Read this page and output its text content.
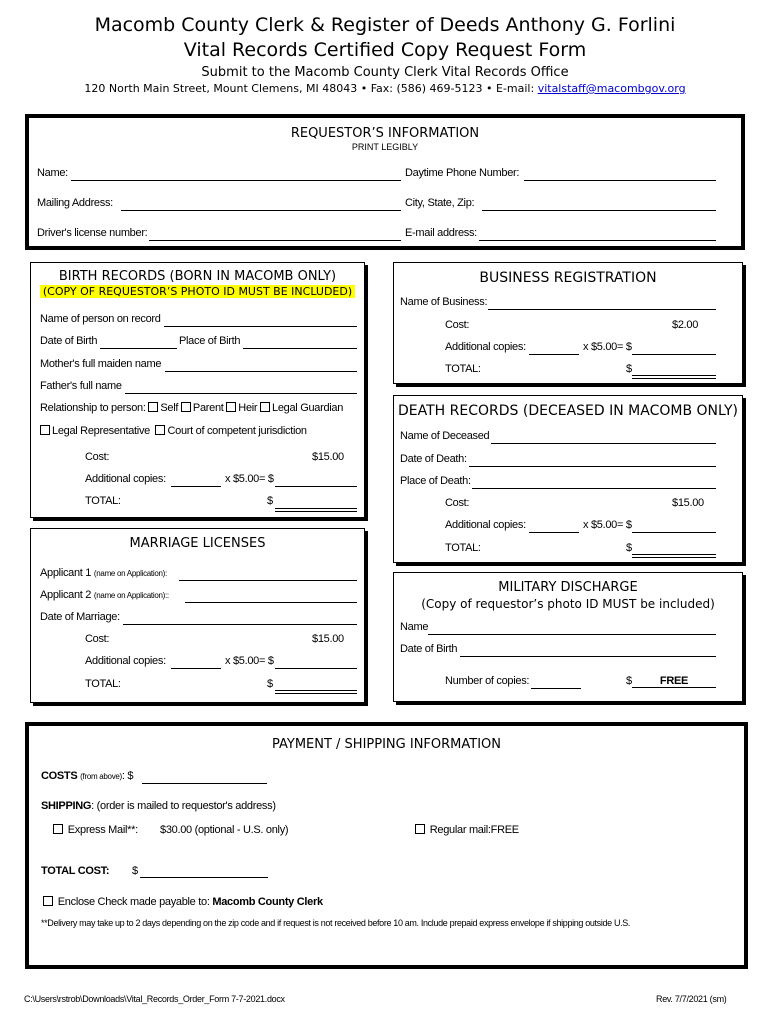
Macomb County Clerk & Register of Deeds Anthony G. Forlini
Vital Records Certified Copy Request Form
Submit to the Macomb County Clerk Vital Records Office
120 North Main Street, Mount Clemens, MI 48043 • Fax: (586) 469-5123 • E-mail: vitalstaff@macombgov.org
REQUESTOR’S INFORMATION
PRINT LEGIBLY
Name:	Daytime Phone Number:
Mailing Address:	City, State, Zip:
Driver's license number:	E-mail address:
BIRTH RECORDS (BORN IN MACOMB ONLY)
(COPY OF REQUESTOR’S PHOTO ID MUST BE INCLUDED)
Name of person on record
Date of Birth	Place of Birth
Mother's full maiden name
Father's full name
Relationship to person: Self Parent Heir Legal Guardian
Legal Representative Court of competent jurisdiction
Cost:	$15.00
Additional copies:	x $5.00= $
TOTAL:	$
MARRIAGE LICENSES
Applicant 1 (name on Application):
Applicant 2 (name on Application)::
Date of Marriage:
Cost:	$15.00
Additional copies:	x $5.00= $
TOTAL:	$
BUSINESS REGISTRATION
Name of Business:
Cost:	$2.00
Additional copies:	x $5.00= $
TOTAL:	$
DEATH RECORDS (DECEASED IN MACOMB ONLY)
Name of Deceased
Date of Death:
Place of Death:
Cost:	$15.00
Additional copies:	x $5.00= $
TOTAL:	$
MILITARY DISCHARGE
(Copy of requestor’s photo ID MUST be included)
Name
Date of Birth
Number of copies:	$	FREE
PAYMENT / SHIPPING INFORMATION
COSTS (from above): $
SHIPPING: (order is mailed to requestor's address)
Express Mail**: $30.00 (optional - U.S. only)	Regular mail:FREE
TOTAL COST: $
Enclose Check made payable to: Macomb County Clerk
**Delivery may take up to 2 days depending on the zip code and if request is not received before 10 am. Include prepaid express envelope if shipping outside U.S.
C:\Users\rstrob\Downloads\Vital_Records_Order_Form 7-7-2021.docx	Rev. 7/7/2021 (sm)
